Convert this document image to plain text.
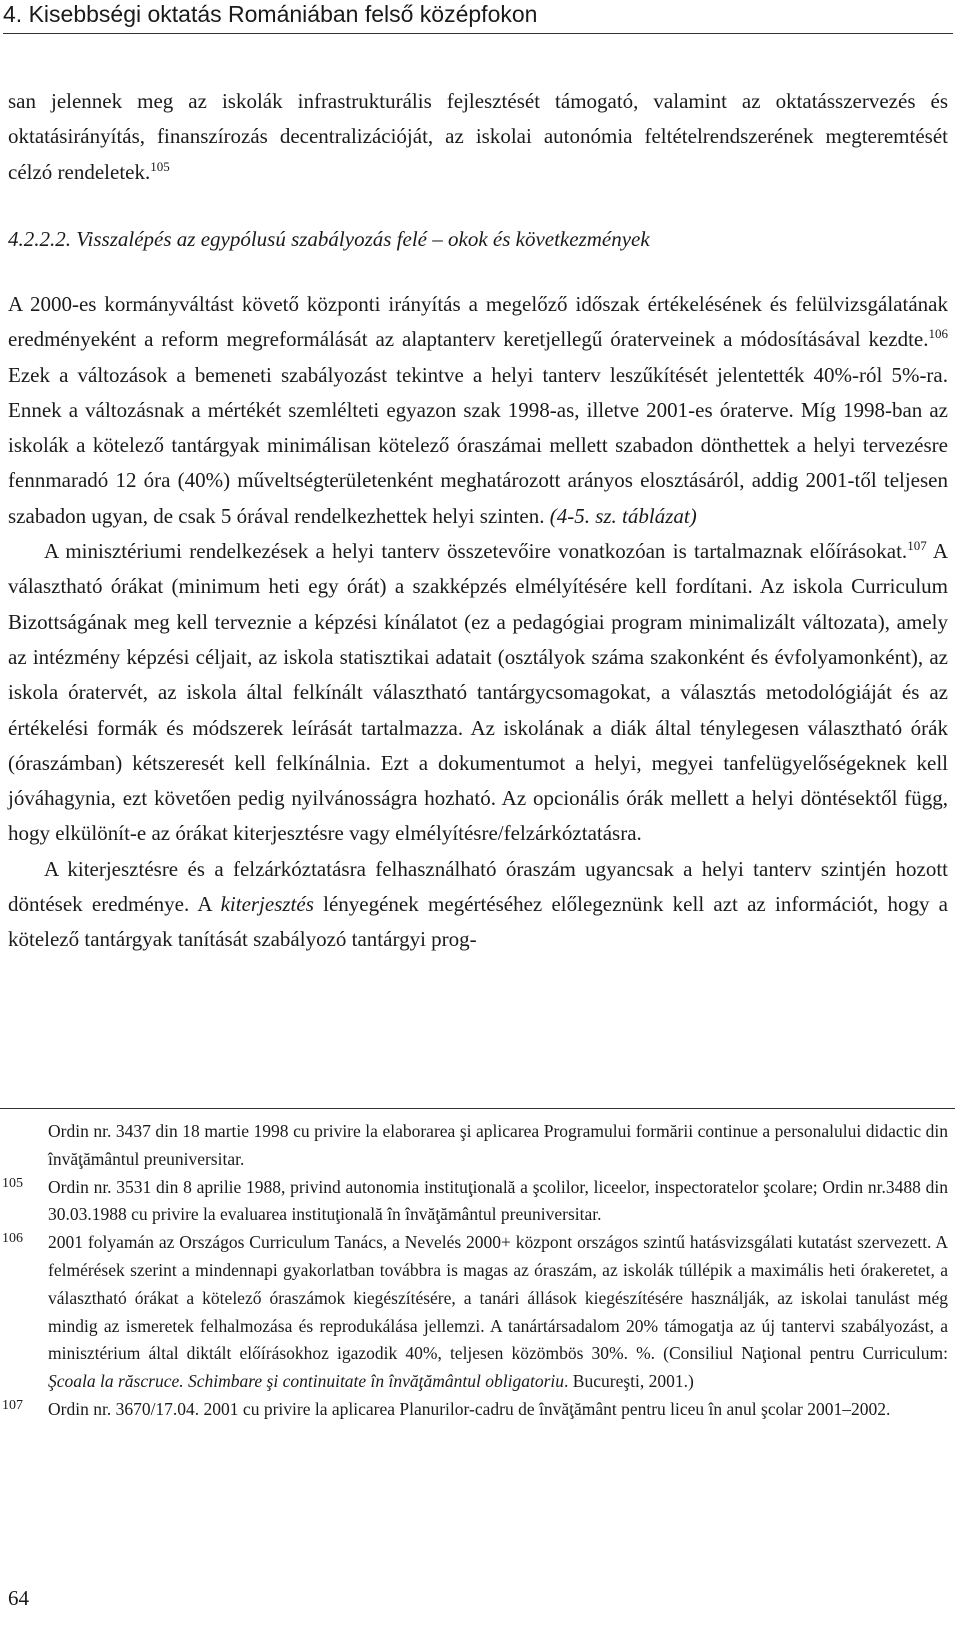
4. Kisebbségi oktatás Romániában felső középfokon

san jelennek meg az iskolák infrastrukturális fejlesztését támogató, valamint az oktatásszervezés és oktatásirányítás, finanszírozás decentralizációját, az iskolai autonómia feltételrendszerének megteremtését célzó rendeletek.$^{105}$

4.2.2.2. Visszalépés az egypólusú szabályozás felé – okok és következmények

A 2000-es kormányváltást követő központi irányítás a megelőző időszak értékelésének és felülvizsgálatának eredményeként a reform megreformálását az alaptanterv keretjellegű óraterveinek a módosításával kezdte.$^{106}$ Ezek a változások a bemeneti szabályozást tekintve a helyi tanterv leszűkítését jelentették 40%-ról 5%-ra. Ennek a változásnak a mértékét szemlélteti egyazon szak 1998-as, illetve 2001-es óraterve. Míg 1998-ban az iskolák a kötelező tantárgyak minimálisan kötelező óraszámai mellett szabadon dönthettek a helyi tervezésre fennmaradó 12 óra (40%) műveltségterületenként meghatározott arányos elosztásáról, addig 2001-től teljesen szabadon ugyan, de csak 5 órával rendelkezhettek helyi szinten. (4-5. sz. táblázat)

A minisztériumi rendelkezések a helyi tanterv összetevőire vonatkozóan is tartalmaznak előírásokat.$^{107}$ A választható órákat (minimum heti egy órát) a szakképzés elmélyítésére kell fordítani. Az iskola Curriculum Bizottságának meg kell terveznie a képzési kínálatot (ez a pedagógiai program minimalizált változata), amely az intézmény képzési céljait, az iskola statisztikai adatait (osztályok száma szakonként és évfolyamonként), az iskola óratervét, az iskola által felkínált választható tantárgycsomagokat, a választás metodológiáját és az értékelési formák és módszerek leírását tartalmazza. Az iskolának a diák által ténylegesen választható órák (óraszámban) kétszeresét kell felkínálnia. Ezt a dokumentumot a helyi, megyei tanfelügyelőségeknek kell jóváhagynia, ezt követően pedig nyilvánosságra hozható. Az opcionális órák mellett a helyi döntésektől függ, hogy elkülönít-e az órákat kiterjesztésre vagy elmélyítésre/felzárkóztatásra.

A kiterjesztésre és a felzárkóztatásra felhasználható óraszám ugyancsak a helyi tanterv szintjén hozott döntések eredménye. A kiterjesztés lényegének megértéséhez előlegeznünk kell azt az információt, hogy a kötelező tantárgyak tanítását szabályozó tantárgyi prog-

Ordin nr. 3437 din 18 martie 1998 cu privire la elaborarea şi aplicarea Programului formării continue a personalului didactic din învăţământul preuniversitar.
105 Ordin nr. 3531 din 8 aprilie 1988, privind autonomia instituţională a şcolilor, liceelor, inspectoratelor şcolare; Ordin nr.3488 din 30.03.1988 cu privire la evaluarea instituţională în învăţământul preuniversitar.
106 2001 folyamán az Országos Curriculum Tanács, a Nevelés 2000+ központ országos szintű hatásvizsgálati kutatást szervezett. A felmérések szerint a mindennapi gyakorlatban továbbra is magas az óraszám, az iskolák túllépik a maximális heti órakeretet, a választható órákat a kötelező óraszámok kiegészítésére, a tanári állások kiegészítésére használják, az iskolai tanulást még mindig az ismeretek felhalmozása és reprodukálása jellemzi. A tanártársadalom 20% támogatja az új tantervi szabályozást, a minisztérium által diktált előírásokhoz igazodik 40%, teljesen közömbös 30%. %. (Consiliul Naţional pentru Curriculum: Şcoala la răscruce. Schimbare şi continuitate în învăţământul obligatoriu. Bucureşti, 2001.)
107 Ordin nr. 3670/17.04. 2001 cu privire la aplicarea Planurilor-cadru de învăţământ pentru liceu în anul şcolar 2001–2002.
64
